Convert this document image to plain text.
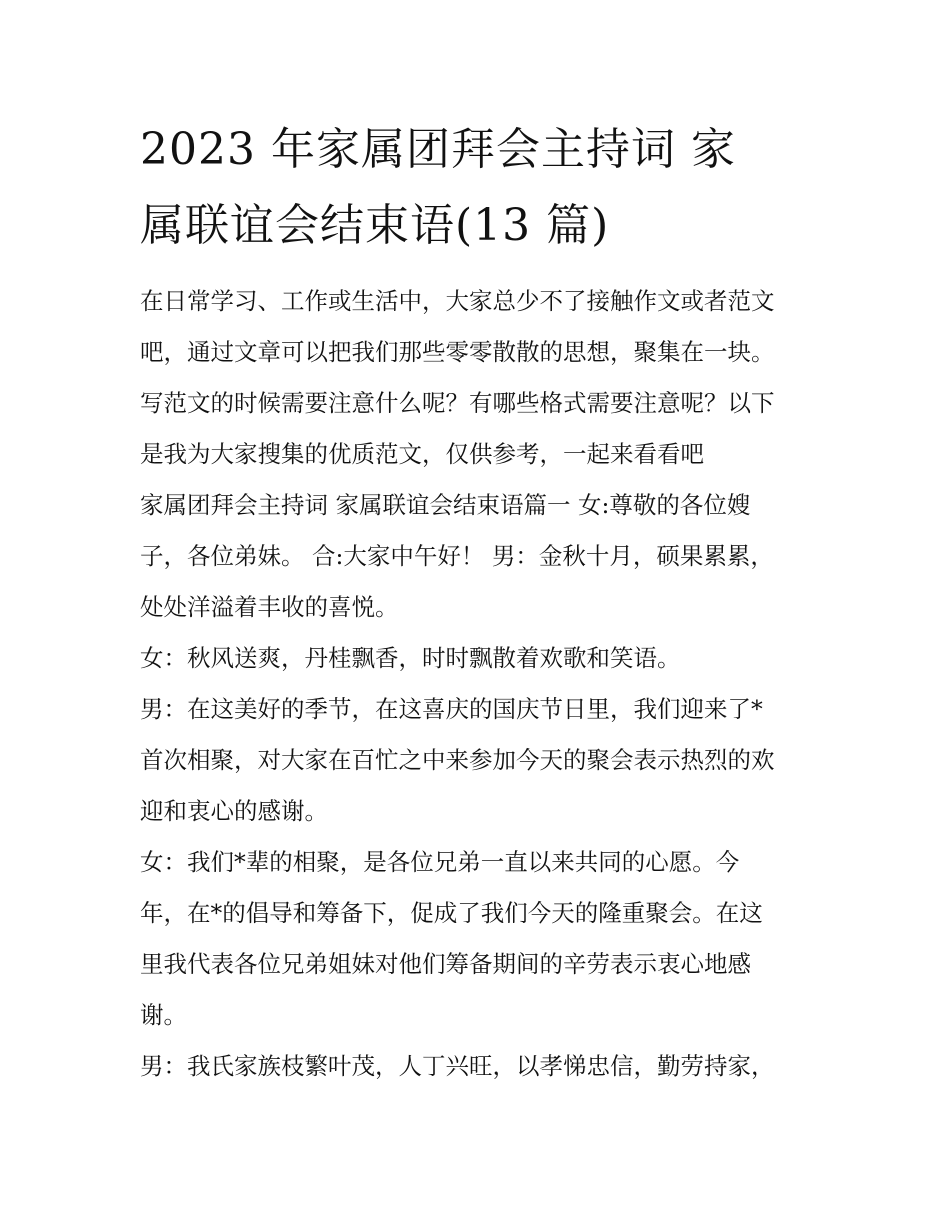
2023 年家属团拜会主持词 家
属联谊会结束语(13 篇)
在日常学习、工作或生活中，大家总少不了接触作文或者范文
吧，通过文章可以把我们那些零零散散的思想，聚集在一块。
写范文的时候需要注意什么呢？有哪些格式需要注意呢？以下
是我为大家搜集的优质范文，仅供参考，一起来看看吧
家属团拜会主持词 家属联谊会结束语篇一 女:尊敬的各位嫂
子，各位弟妹。 合:大家中午好！ 男：金秋十月，硕果累累，
处处洋溢着丰收的喜悦。
女：秋风送爽，丹桂飘香，时时飘散着欢歌和笑语。
男：在这美好的季节，在这喜庆的国庆节日里，我们迎来了*
首次相聚，对大家在百忙之中来参加今天的聚会表示热烈的欢
迎和衷心的感谢。
女：我们*辈的相聚，是各位兄弟一直以来共同的心愿。今
年，在*的倡导和筹备下，促成了我们今天的隆重聚会。在这
里我代表各位兄弟姐妹对他们筹备期间的辛劳表示衷心地感
谢。
男：我氏家族枝繁叶茂，人丁兴旺，以孝悌忠信，勤劳持家，
